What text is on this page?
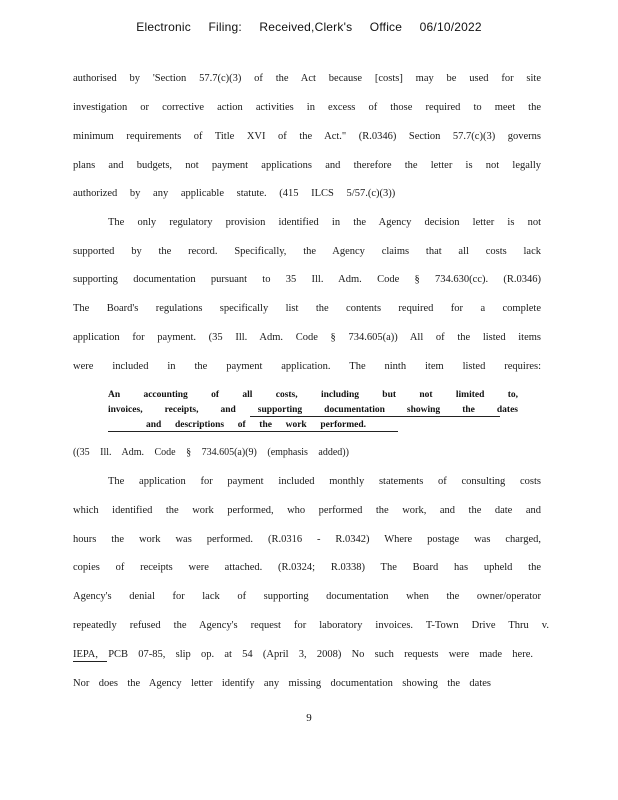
Electronic Filing: Received,Clerk's Office 06/10/2022
authorised by 'Section 57.7(c)(3) of the Act because [costs] may be used for site
investigation or corrective action activities in excess of those required to meet the
minimum requirements of Title XVI of the Act." (R.0346) Section 57.7(c)(3) governs
plans and budgets, not payment applications and therefore the letter is not legally
authorized by any applicable statute. (415 ILCS 5/57.(c)(3))
The only regulatory provision identified in the Agency decision letter is not
supported by the record. Specifically, the Agency claims that all costs lack
supporting documentation pursuant to 35 Ill. Adm. Code § 734.630(cc). (R.0346)
The Board's regulations specifically list the contents required for a complete
application for payment. (35 Ill. Adm. Code § 734.605(a)) All of the listed items
were included in the payment application. The ninth item listed requires:
An accounting of all costs, including but not limited to,
invoices, receipts, and supporting documentation showing the dates
and descriptions of the work performed.
((35 Ill. Adm. Code § 734.605(a)(9) (emphasis added))
The application for payment included monthly statements of consulting costs
which identified the work performed, who performed the work, and the date and
hours the work was performed. (R.0316 - R.0342) Where postage was charged,
copies of receipts were attached. (R.0324; R.0338) The Board has upheld the
Agency's denial for lack of supporting documentation when the owner/operator
repeatedly refused the Agency's request for laboratory invoices. T-Town Drive Thru v.
IEPA, PCB 07-85, slip op. at 54 (April 3, 2008) No such requests were made here.
Nor does the Agency letter identify any missing documentation showing the dates
9
